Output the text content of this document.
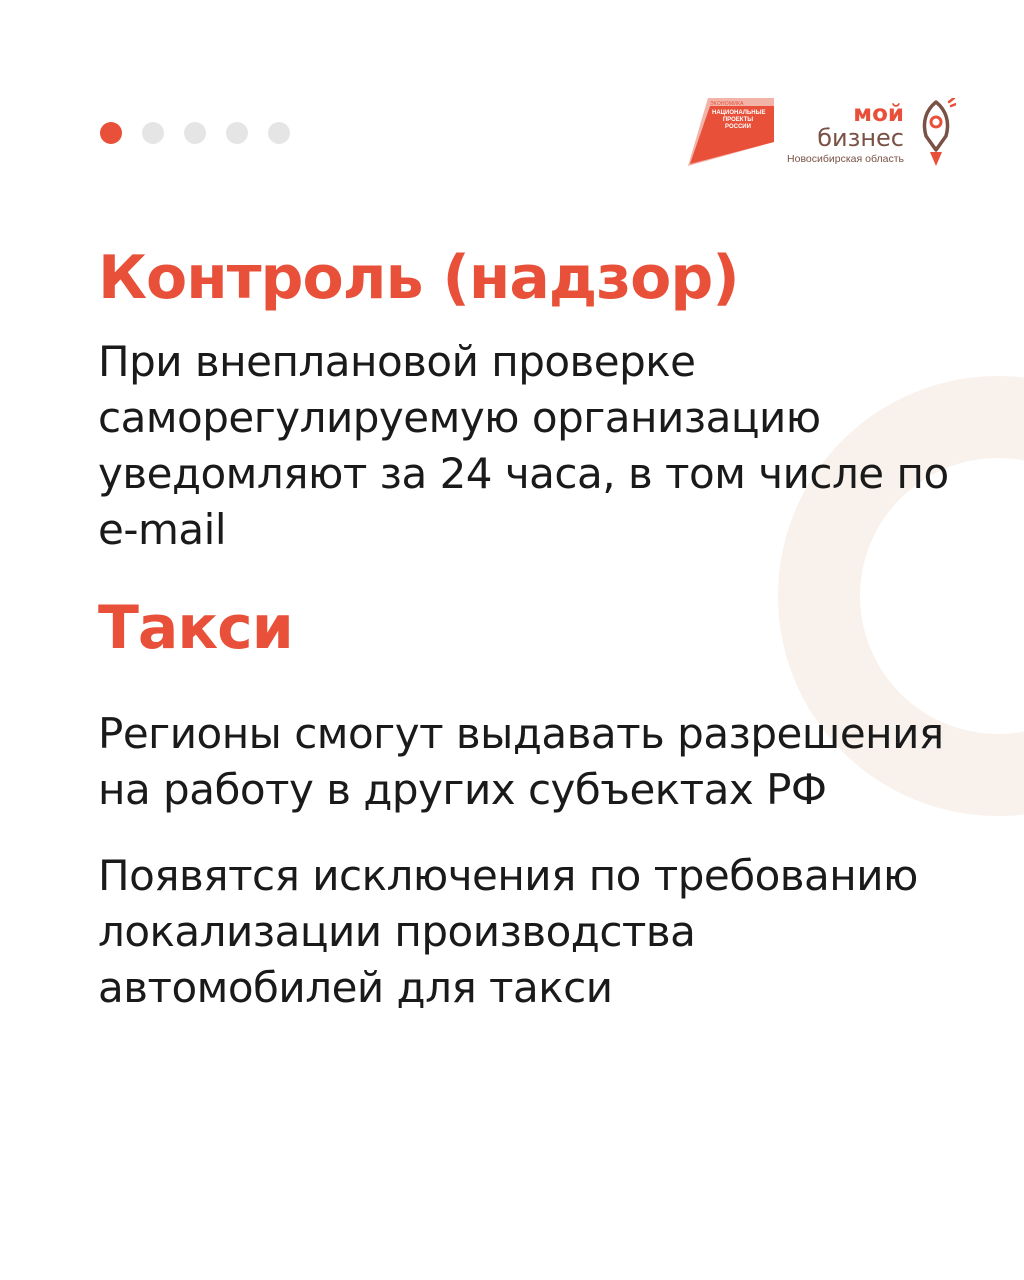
ЭКОНОМИКА
НАЦИОНАЛЬНЫЕ ПРОЕКТЫ РОССИИ	мой
бизнес
Новосибирская область
Контроль (надзор)

При внеплановой проверке саморегулируемую организацию уведомляют за 24 часа, в том числе по e-mail

Такси

Регионы смогут выдавать разрешения на работу в других субъектах РФ

Появятся исключения по требованию локализации производства автомобилей для такси
